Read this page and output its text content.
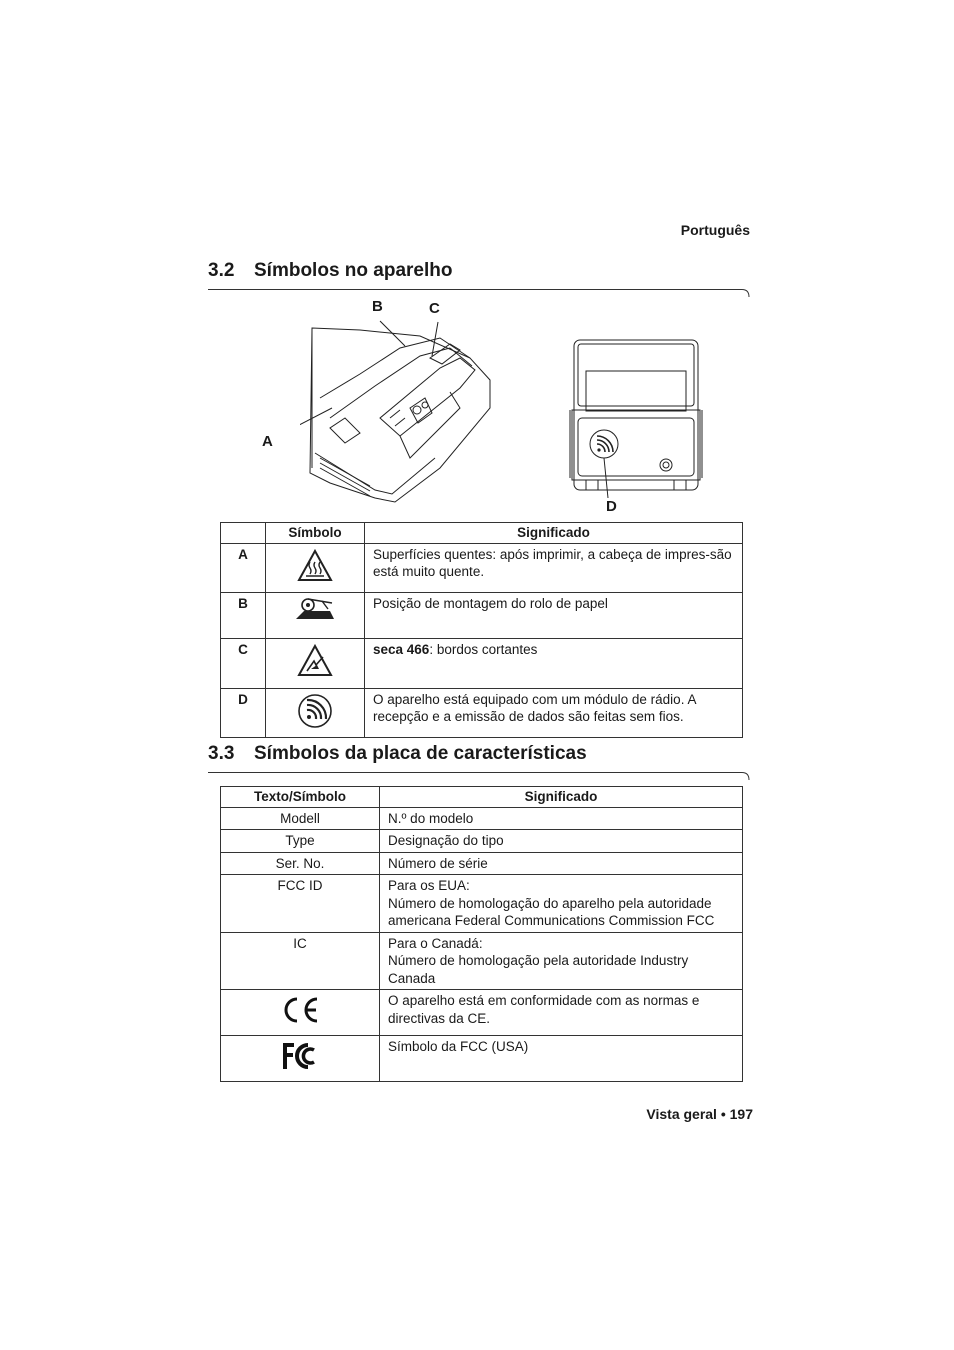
Português
3.2 Símbolos no aparelho
B	C
A
D
	Símbolo	Significado
A		Superfícies quentes: após imprimir, a cabeça de impres-são está muito quente.
B		Posição de montagem do rolo de papel
C		seca 466: bordos cortantes
D		O aparelho está equipado com um módulo de rádio. A recepção e a emissão de dados são feitas sem fios.
3.3 Símbolos da placa de características
Texto/Símbolo	Significado
Modell	N.º do modelo
Type	Designação do tipo
Ser. No.	Número de série
FCC ID	Para os EUA:
Número de homologação do aparelho pela autoridade americana Federal Communications Commission FCC
IC	Para o Canadá:
Número de homologação pela autoridade Industry Canada
	O aparelho está em conformidade com as normas e directivas da CE.
	Símbolo da FCC (USA)
Vista geral • 197
